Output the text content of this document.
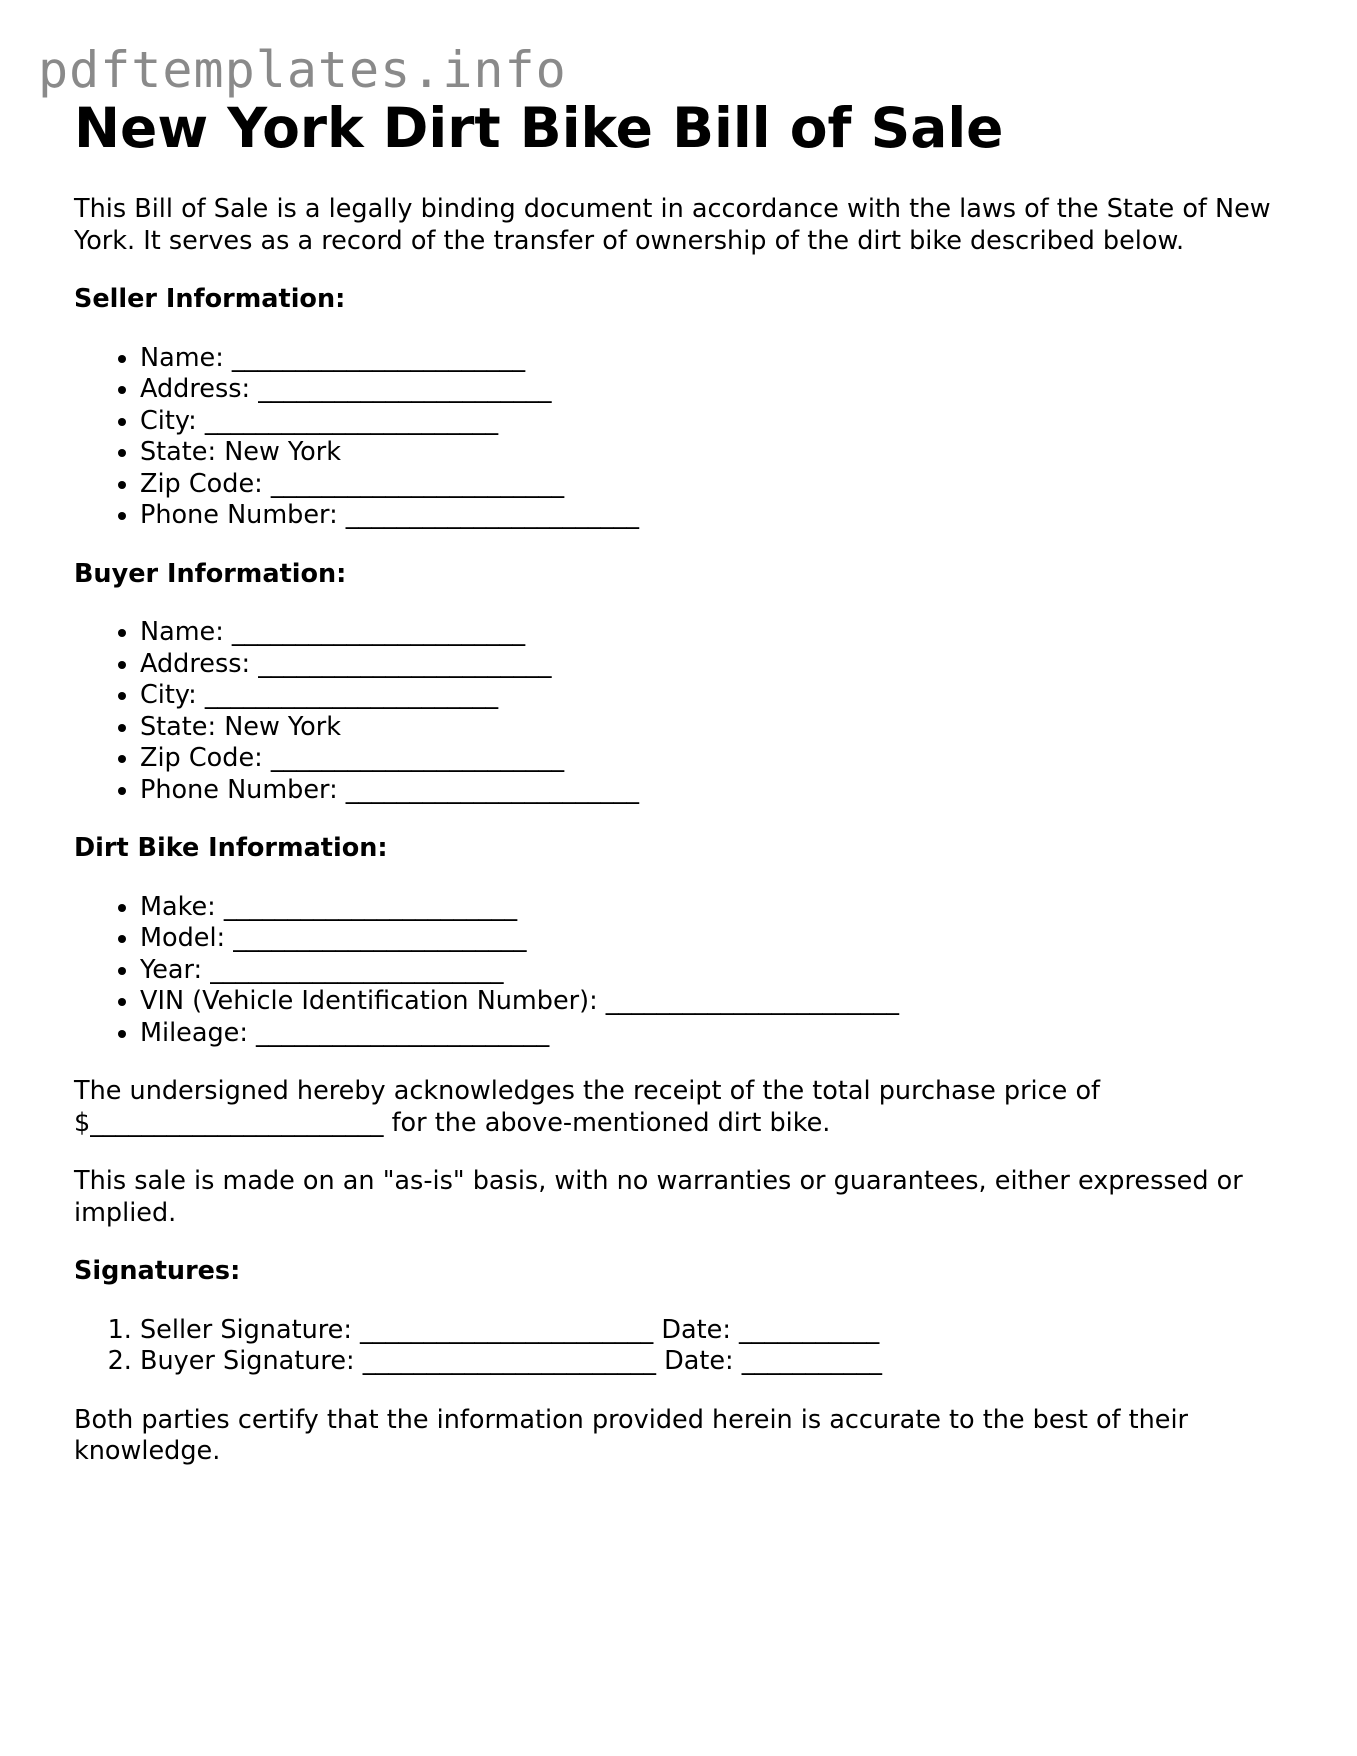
pdftemplates.info
New York Dirt Bike Bill of Sale

This Bill of Sale is a legally binding document in accordance with the laws of the State of New York. It serves as a record of the transfer of ownership of the dirt bike described below.

Seller Information:
• Name: _______________________
• Address: _______________________
• City: _______________________
• State: New York
• Zip Code: _______________________
• Phone Number: _______________________
Buyer Information:
• Name: _______________________
• Address: _______________________
• City: _______________________
• State: New York
• Zip Code: _______________________
• Phone Number: _______________________
Dirt Bike Information:
• Make: _______________________
• Model: _______________________
• Year: _______________________
• VIN (Vehicle Identification Number): _______________________
• Mileage: _______________________

The undersigned hereby acknowledges the receipt of the total purchase price of $_______________________ for the above-mentioned dirt bike.

This sale is made on an "as-is" basis, with no warranties or guarantees, either expressed or implied.

Signatures:
1. Seller Signature: _______________________ Date: ___________
2. Buyer Signature: _______________________ Date: ___________

Both parties certify that the information provided herein is accurate to the best of their knowledge.
